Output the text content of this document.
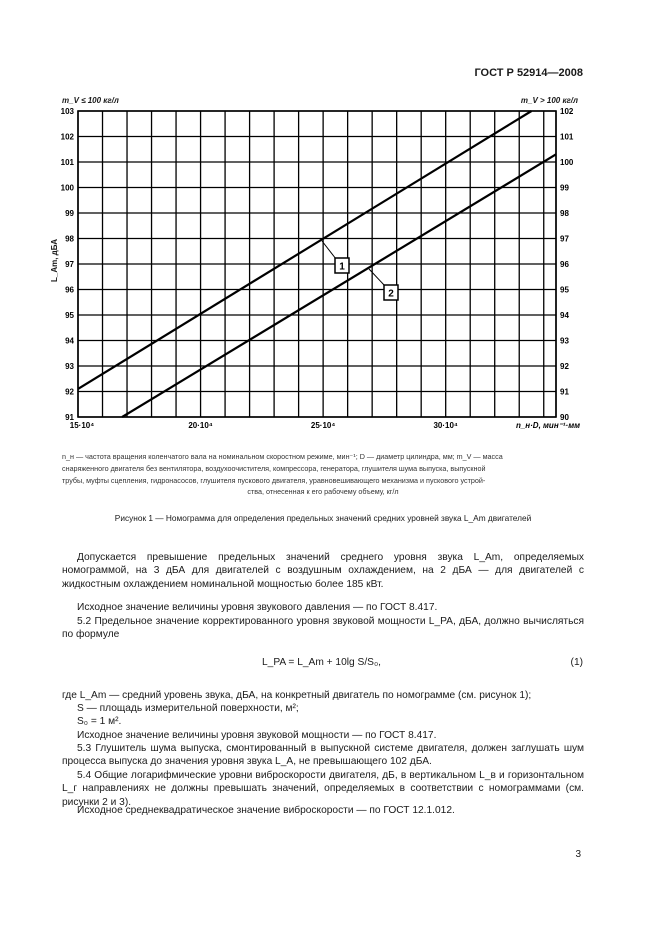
ГОСТ Р 52914—2008
m_V ≤ 100 кг/л	m_V > 100 кг/л
L_Am, дБА
91
92
93
94
95
96
97
98
99
100
101
102
103
90
91
92
93
94
95
96
97
98
99
100
101
102
15·10⁴	20·10⁴	25·10⁴	30·10⁴	n_н·D, мин⁻¹·мм
1
2
n_н — частота вращения коленчатого вала на номинальном скоростном режиме, мин⁻¹; D — диаметр цилиндра, мм; m_V — масса
снаряженного двигателя без вентилятора, воздухоочистителя, компрессора, генератора, глушителя шума выпуска, выпускной
трубы, муфты сцепления, гидронасосов, глушителя пускового двигателя, уравновешивающего механизма и пускового устрой-
ства, отнесенная к его рабочему объему, кг/л
Рисунок 1 — Номограмма для определения предельных значений средних уровней звука L_Am двигателей
Допускается превышение предельных значений среднего уровня звука L_Am, определяемых номограммой, на 3 дБА для двигателей с воздушным охлаждением, на 2 дБА — для двигателей с жидкостным охлаждением номинальной мощностью более 185 кВт.
Исходное значение величины уровня звукового давления — по ГОСТ 8.417.
5.2 Предельное значение корректированного уровня звуковой мощности L_PA, дБА, должно вычисляться по формуле
L_PA = L_Am + 10lg S/S₀,	(1)
где L_Am — средний уровень звука, дБА, на конкретный двигатель по номограмме (см. рисунок 1);
S — площадь измерительной поверхности, м²;
S₀ = 1 м².
Исходное значение величины уровня звуковой мощности — по ГОСТ 8.417.
5.3 Глушитель шума выпуска, смонтированный в выпускной системе двигателя, должен заглушать шум процесса выпуска до значения уровня звука L_A, не превышающего 102 дБА.
5.4 Общие логарифмические уровни виброскорости двигателя, дБ, в вертикальном L_в и горизонтальном L_г направлениях не должны превышать значений, определяемых в соответствии с номограммами (см. рисунки 2 и 3).
Исходное среднеквадратическое значение виброскорости — по ГОСТ 12.1.012.
3
